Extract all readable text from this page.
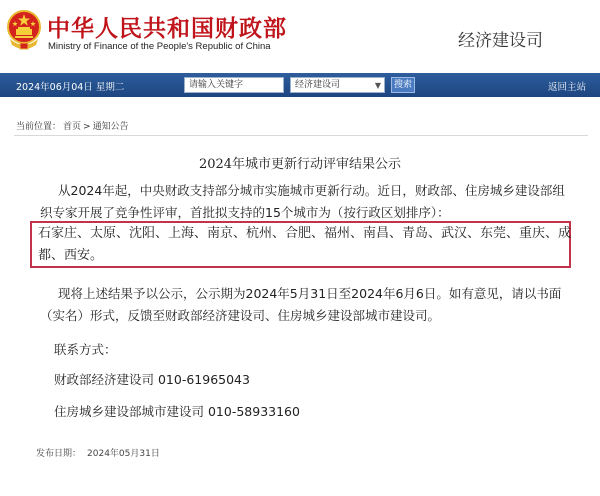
中华人民共和国财政部
Ministry of Finance of the People's Republic of China	经济建设司
2024年06月04日 星期二	请输入关键字	经济建设司	▼	搜索	返回主站
当前位置： 首页 > 通知公告
2024年城市更新行动评审结果公示
从2024年起，中央财政支持部分城市实施城市更新行动。近日，财政部、住房城乡建设部组
织专家开展了竞争性评审，首批拟支持的15个城市为（按行政区划排序）：
石家庄、太原、沈阳、上海、南京、杭州、合肥、福州、南昌、青岛、武汉、东莞、重庆、成
都、西安。
现将上述结果予以公示，公示期为2024年5月31日至2024年6月6日。如有意见，请以书面
（实名）形式，反馈至财政部经济建设司、住房城乡建设部城市建设司。
联系方式：
财政部经济建设司 010-61965043
住房城乡建设部城市建设司 010-58933160
发布日期： 2024年05月31日
